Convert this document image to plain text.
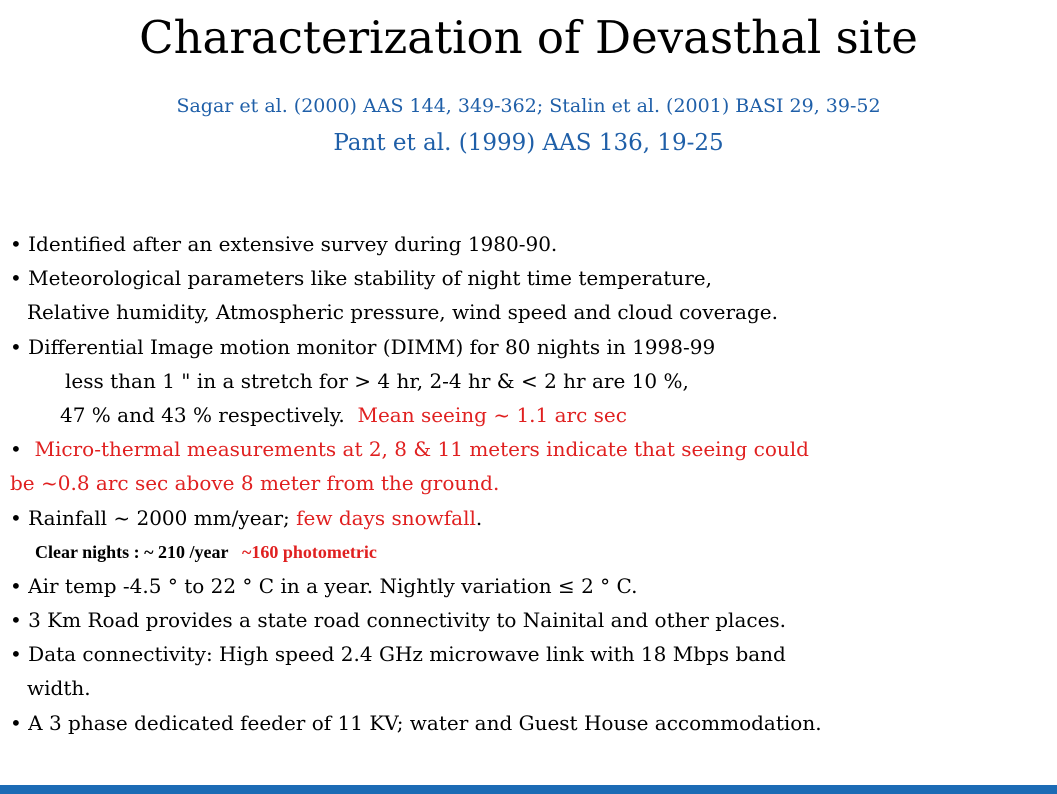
Characterization of Devasthal site
Sagar et al. (2000) AAS 144, 349-362; Stalin et al. (2001) BASI 29, 39-52
Pant et al. (1999) AAS 136, 19-25
• Identified after an extensive survey during 1980-90.
• Meteorological parameters like stability of night time temperature,
Relative humidity, Atmospheric pressure, wind speed and cloud coverage.
• Differential Image motion monitor (DIMM) for 80 nights in 1998-99
less than 1 " in a stretch for > 4 hr, 2-4 hr & < 2 hr are 10 %,
47 % and 43 % respectively. Mean seeing ~ 1.1 arc sec
• Micro-thermal measurements at 2, 8 & 11 meters indicate that seeing could
be ~0.8 arc sec above 8 meter from the ground.
• Rainfall ~ 2000 mm/year; few days snowfall.
Clear nights : ~ 210 /year ~160 photometric
• Air temp -4.5 ° to 22 ° C in a year. Nightly variation ≤ 2 ° C.
• 3 Km Road provides a state road connectivity to Nainital and other places.
• Data connectivity: High speed 2.4 GHz microwave link with 18 Mbps band
width.
• A 3 phase dedicated feeder of 11 KV; water and Guest House accommodation.
